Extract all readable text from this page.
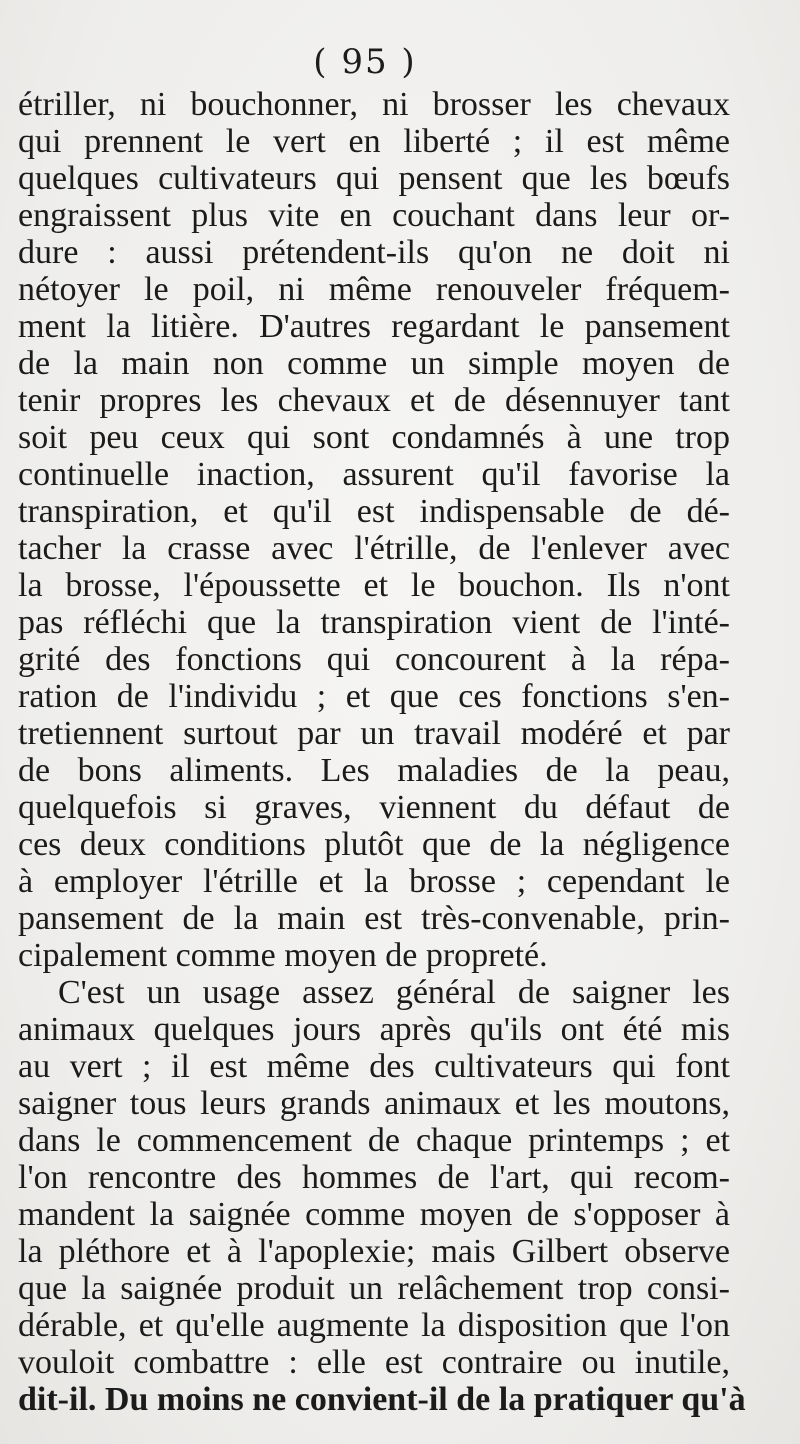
( 95 )
étriller, ni bouchonner, ni brosser les chevaux
qui prennent le vert en liberté ; il est même
quelques cultivateurs qui pensent que les bœufs
engraissent plus vite en couchant dans leur or-
dure : aussi prétendent-ils qu'on ne doit ni
nétoyer le poil, ni même renouveler fréquem-
ment la litière. D'autres regardant le pansement
de la main non comme un simple moyen de
tenir propres les chevaux et de désennuyer tant
soit peu ceux qui sont condamnés à une trop
continuelle inaction, assurent qu'il favorise la
transpiration, et qu'il est indispensable de dé-
tacher la crasse avec l'étrille, de l'enlever avec
la brosse, l'époussette et le bouchon. Ils n'ont
pas réfléchi que la transpiration vient de l'inté-
grité des fonctions qui concourent à la répa-
ration de l'individu ; et que ces fonctions s'en-
tretiennent surtout par un travail modéré et par
de bons aliments. Les maladies de la peau,
quelquefois si graves, viennent du défaut de
ces deux conditions plutôt que de la négligence
à employer l'étrille et la brosse ; cependant le
pansement de la main est très-convenable, prin-
cipalement comme moyen de propreté.
C'est un usage assez général de saigner les
animaux quelques jours après qu'ils ont été mis
au vert ; il est même des cultivateurs qui font
saigner tous leurs grands animaux et les moutons,
dans le commencement de chaque printemps ; et
l'on rencontre des hommes de l'art, qui recom-
mandent la saignée comme moyen de s'opposer à
la pléthore et à l'apoplexie; mais Gilbert observe
que la saignée produit un relâchement trop consi-
dérable, et qu'elle augmente la disposition que l'on
vouloit combattre : elle est contraire ou inutile,
dit-il. Du moins ne convient-il de la pratiquer qu'à
